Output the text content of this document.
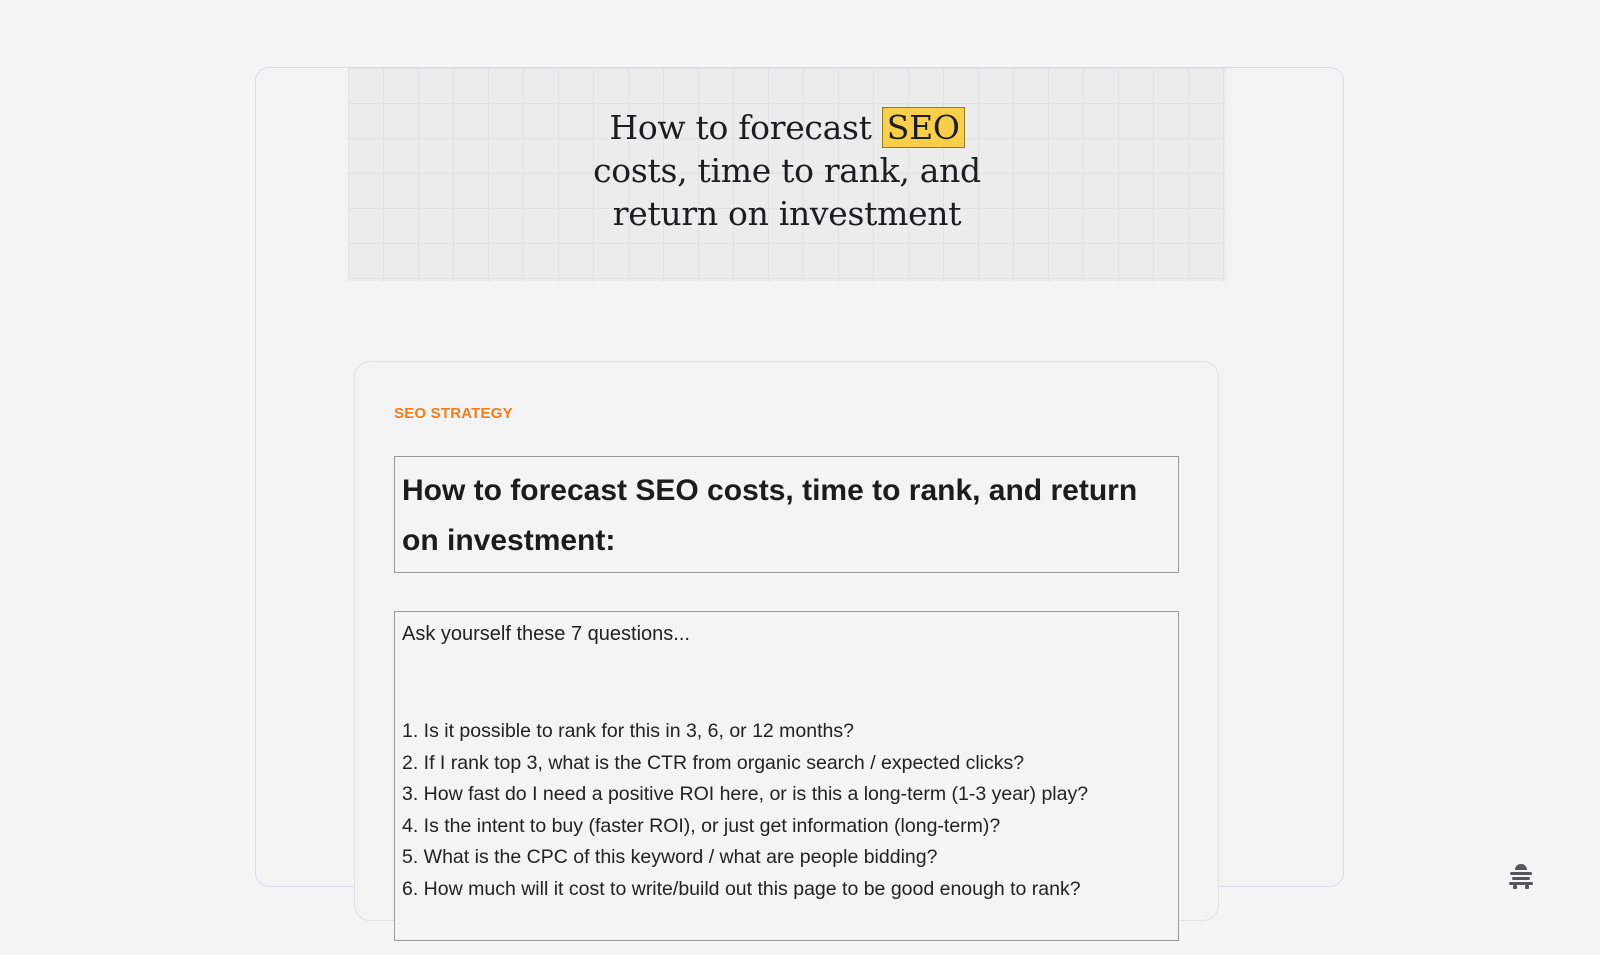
How to forecast SEO
costs, time to rank, and
return on investment
SEO STRATEGY
How to forecast SEO costs, time to rank, and return on investment:

Ask yourself these 7 questions...

1. Is it possible to rank for this in 3, 6, or 12 months?
2. If I rank top 3, what is the CTR from organic search / expected clicks?
3. How fast do I need a positive ROI here, or is this a long-term (1-3 year) play?
4. Is the intent to buy (faster ROI), or just get information (long-term)?
5. What is the CPC of this keyword / what are people bidding?
6. How much will it cost to write/build out this page to be good enough to rank?
